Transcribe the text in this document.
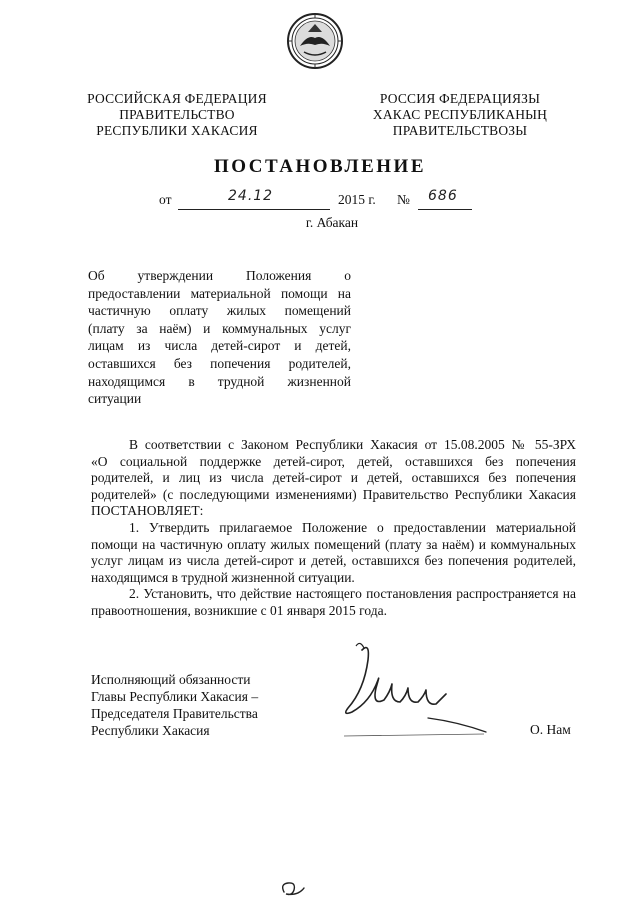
РОССИЙСКАЯ ФЕДЕРАЦИЯ
ПРАВИТЕЛЬСТВО
РЕСПУБЛИКИ ХАКАСИЯ
РОССИЯ ФЕДЕРАЦИЯЗЫ
ХАКАС РЕСПУБЛИКАНЫҢ
ПРАВИТЕЛЬСТВОЗЫ
ПОСТАНОВЛЕНИЕ
от	24.12	2015 г. № 686
г. Абакан
Об утверждении Положения о
предоставлении материальной помощи на
частичную оплату жилых помещений
(плату за наём) и коммунальных услуг
лицам из числа детей-сирот и детей,
оставшихся без попечения родителей,
находящимся в трудной жизненной
ситуации
В соответствии с Законом Республики Хакасия от 15.08.2005 № 55-ЗРХ
«О социальной поддержке детей-сирот, детей, оставшихся без попечения
родителей, и лиц из числа детей-сирот и детей, оставшихся без попечения
родителей» (с последующими изменениями) Правительство Республики Хакасия
ПОСТАНОВЛЯЕТ:
1. Утвердить прилагаемое Положение о предоставлении материальной
помощи на частичную оплату жилых помещений (плату за наём) и коммунальных
услуг лицам из числа детей-сирот и детей, оставшихся без попечения родителей,
находящимся в трудной жизненной ситуации.
2. Установить, что действие настоящего постановления распространяется на
правоотношения, возникшие с 01 января 2015 года.
Исполняющий обязанности
Главы Республики Хакасия –
Председателя Правительства
Республики Хакасия	О. Нам
